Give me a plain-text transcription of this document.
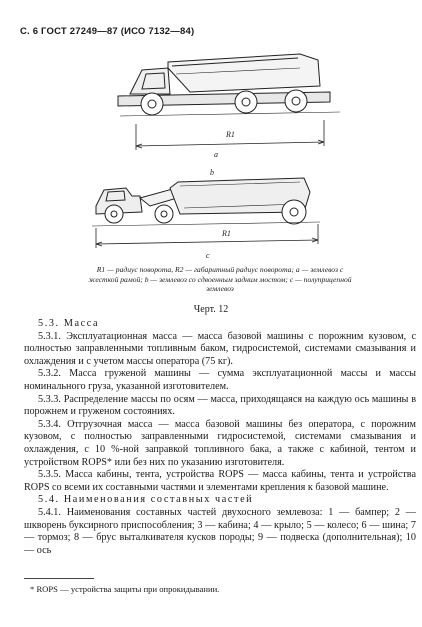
С. 6 ГОСТ 27249—87 (ИСО 7132—84)
R1
a
b
R1
c
R1 — радиус поворота, R2 — габаритный радиус поворота; a — землевоз с
жесткой рамой; b — землевоз со сдвоенным задним мостом; c — полуприцепной

землевоз
Черт. 12

5.3. Масса

5.3.1. Эксплуатационная масса — масса базовой машины с порожним кузовом, с полностью заправленными топливным баком, гидросистемой, системами смазывания и охлаждения и с учетом массы оператора (75 кг).

5.3.2. Масса груженой машины — сумма эксплуатационной массы и массы номинального груза, указанной изготовителем.

5.3.3. Распределение массы по осям — масса, приходящаяся на каждую ось машины в порожнем и груженом состояниях.

5.3.4. Отгрузочная масса — масса базовой машины без оператора, с порожним кузовом, с полностью заправленными гидросистемой, системами смазывания и охлаждения, с 10 %-ной заправкой топливного бака, а также с кабиной, тентом и устройством ROPS* или без них по указанию изготовителя.

5.3.5. Масса кабины, тента, устройства ROPS — масса кабины, тента и устройства ROPS со всеми их составными частями и элементами крепления к базовой машине.

5.4. Наименования составных частей

5.4.1. Наименования составных частей двухосного землевоза: 1 — бампер; 2 — шкворень буксирного приспособления; 3 — кабина; 4 — крыло; 5 — колесо; 6 — шина; 7 — тормоз; 8 — брус выталкивателя кусков породы; 9 — подвеска (дополнительная); 10 — ось

* ROPS — устройства защиты при опрокидывании.
